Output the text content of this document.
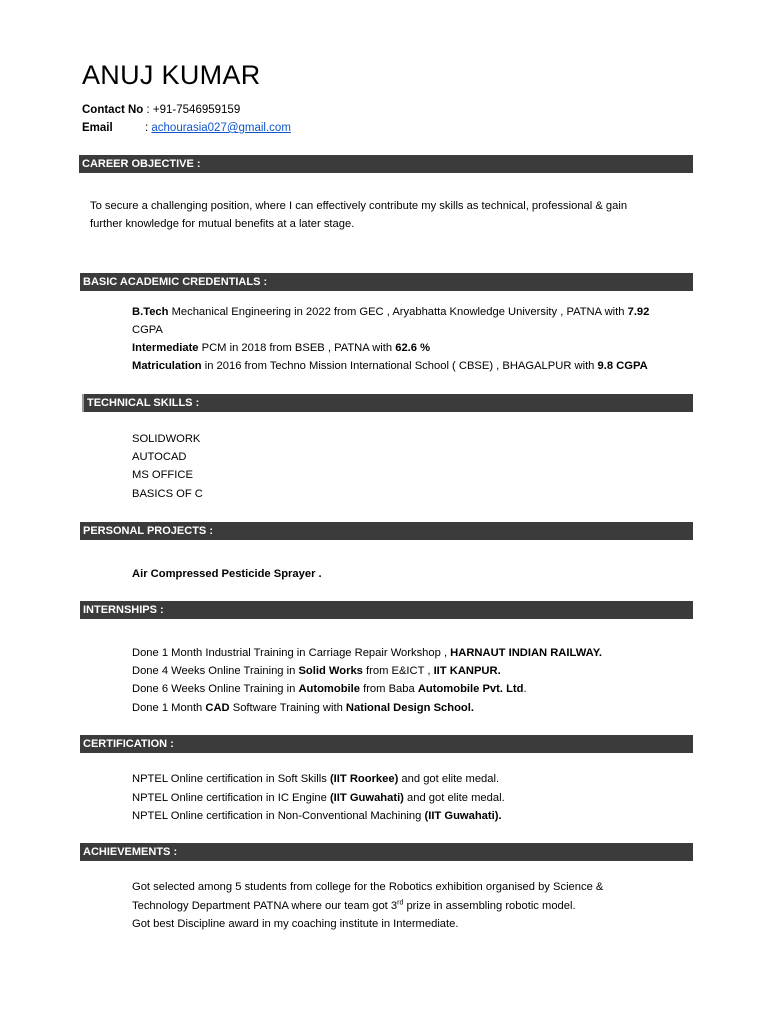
ANUJ KUMAR
Contact No : +91-7546959159
Email	: achourasia027@gmail.com
CAREER OBJECTIVE :
To secure a challenging position, where I can effectively contribute my skills as technical, professional & gain
further knowledge for mutual benefits at a later stage.
BASIC ACADEMIC CREDENTIALS :
B.Tech Mechanical Engineering in 2022 from GEC , Aryabhatta Knowledge University , PATNA with 7.92
CGPA
Intermediate PCM in 2018 from BSEB , PATNA with 62.6 %
Matriculation in 2016 from Techno Mission International School ( CBSE) , BHAGALPUR with 9.8 CGPA
TECHNICAL SKILLS :
SOLIDWORK
AUTOCAD
MS OFFICE
BASICS OF C
PERSONAL PROJECTS :
Air Compressed Pesticide Sprayer .
INTERNSHIPS :
Done 1 Month Industrial Training in Carriage Repair Workshop , HARNAUT INDIAN RAILWAY.
Done 4 Weeks Online Training in Solid Works from E&ICT , IIT KANPUR.
Done 6 Weeks Online Training in Automobile from Baba Automobile Pvt. Ltd.
Done 1 Month CAD Software Training with National Design School.
CERTIFICATION :
NPTEL Online certification in Soft Skills (IIT Roorkee) and got elite medal.
NPTEL Online certification in IC Engine (IIT Guwahati) and got elite medal.
NPTEL Online certification in Non-Conventional Machining (IIT Guwahati).
ACHIEVEMENTS :
Got selected among 5 students from college for the Robotics exhibition organised by Science &
Technology Department PATNA where our team got 3rd prize in assembling robotic model.
Got best Discipline award in my coaching institute in Intermediate.
